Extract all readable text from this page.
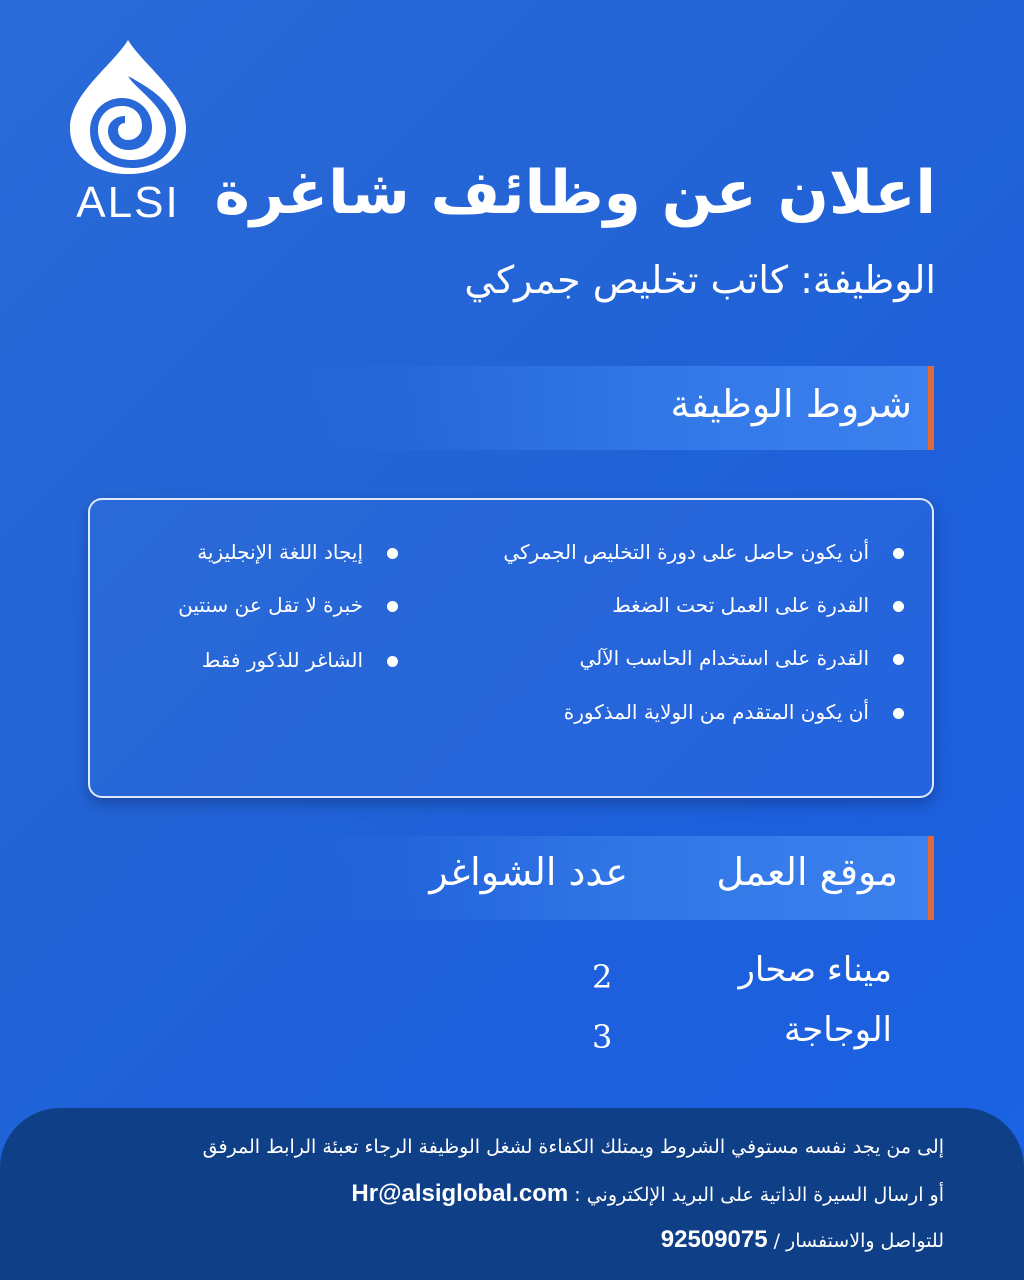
ALSI اعلان عن وظائف شاغرة
الوظيفة: كاتب تخليص جمركي
شروط الوظيفة
أن يكون حاصل على دورة التخليص الجمركي
القدرة على العمل تحت الضغط
القدرة على استخدام الحاسب الآلي
أن يكون المتقدم من الولاية المذكورة
إيجاد اللغة الإنجليزية
خبرة لا تقل عن سنتين
الشاغر للذكور فقط
موقع العمل
عدد الشواغر
ميناء صحار
2
الوجاجة
3
إلى من يجد نفسه مستوفي الشروط ويمتلك الكفاءة لشغل الوظيفة الرجاء تعبئة الرابط المرفق
أو ارسال السيرة الذاتية على البريد الإلكتروني : Hr@alsiglobal.com
للتواصل والاستفسار / 92509075
